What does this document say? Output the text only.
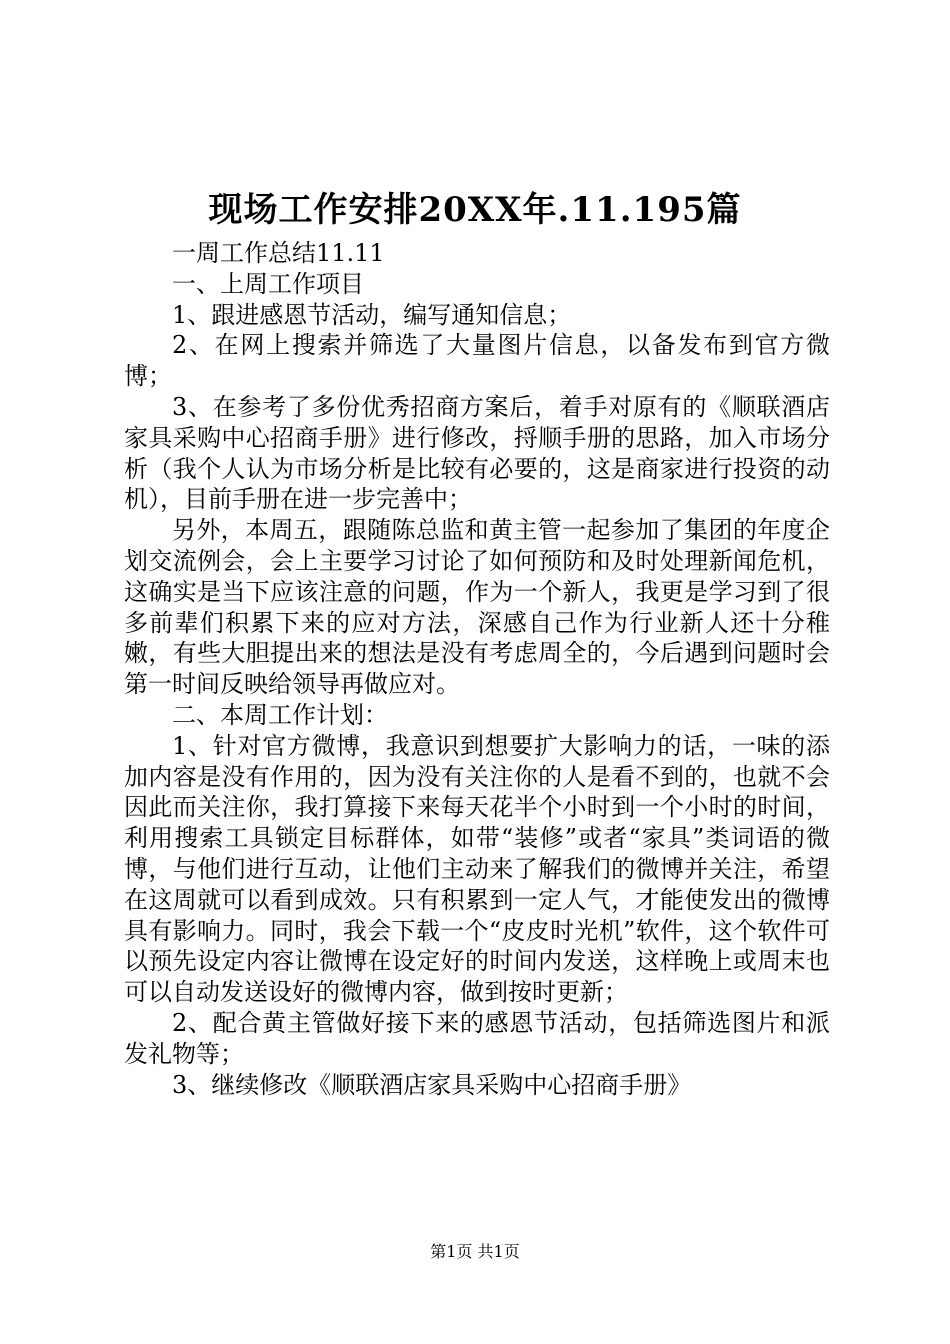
现场工作安排20XX年.11.195篇

一周工作总结11.11

一、上周工作项目

1、跟进感恩节活动，编写通知信息；

2、在网上搜索并筛选了大量图片信息，以备发布到官方微博；

3、在参考了多份优秀招商方案后，着手对原有的《顺联酒店家具采购中心招商手册》进行修改，捋顺手册的思路，加入市场分析（我个人认为市场分析是比较有必要的，这是商家进行投资的动机），目前手册在进一步完善中；

另外，本周五，跟随陈总监和黄主管一起参加了集团的年度企划交流例会，会上主要学习讨论了如何预防和及时处理新闻危机，这确实是当下应该注意的问题，作为一个新人，我更是学习到了很多前辈们积累下来的应对方法，深感自己作为行业新人还十分稚嫩，有些大胆提出来的想法是没有考虑周全的，今后遇到问题时会第一时间反映给领导再做应对。

二、本周工作计划：

1、针对官方微博，我意识到想要扩大影响力的话，一味的添加内容是没有作用的，因为没有关注你的人是看不到的，也就不会因此而关注你，我打算接下来每天花半个小时到一个小时的时间，利用搜索工具锁定目标群体，如带“装修”或者“家具”类词语的微博，与他们进行互动，让他们主动来了解我们的微博并关注，希望在这周就可以看到成效。只有积累到一定人气，才能使发出的微博具有影响力。同时，我会下载一个“皮皮时光机”软件，这个软件可以预先设定内容让微博在设定好的时间内发送，这样晚上或周末也可以自动发送设好的微博内容，做到按时更新；

2、配合黄主管做好接下来的感恩节活动，包括筛选图片和派发礼物等；

3、继续修改《顺联酒店家具采购中心招商手册》

第1页 共1页
